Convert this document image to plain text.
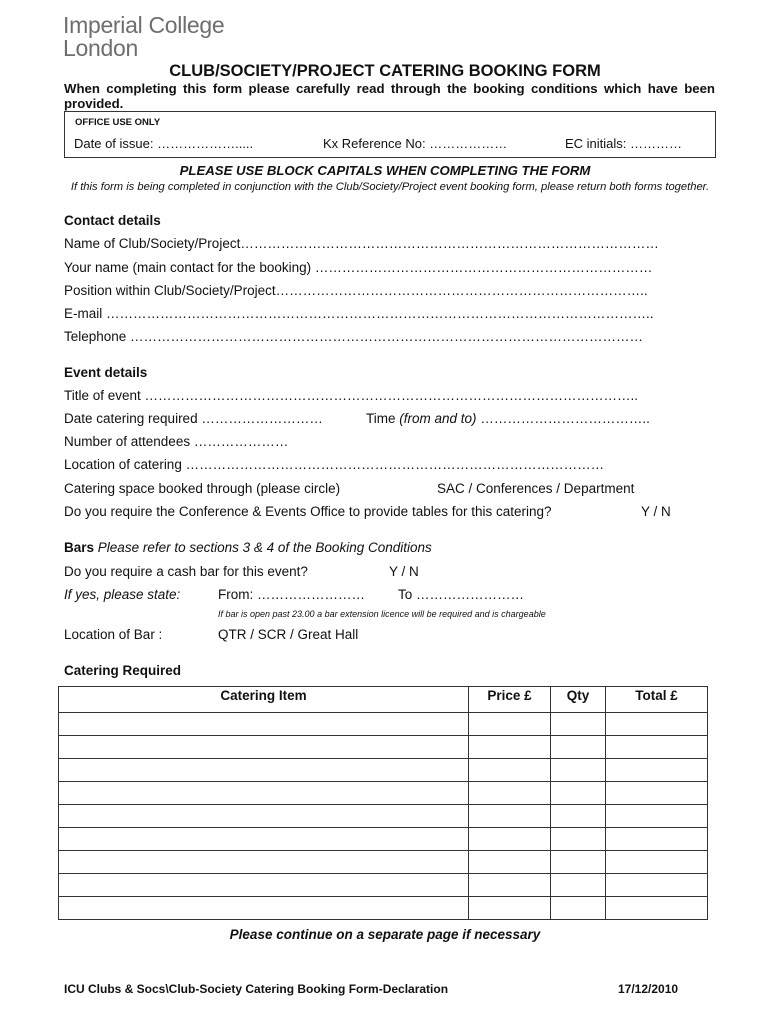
Imperial College
London
CLUB/SOCIETY/PROJECT CATERING BOOKING FORM
When completing this form please carefully read through the booking conditions which have been provided.
OFFICE USE ONLY
Date of issue: ……………….....	Kx Reference No: ………………	EC initials: …………
PLEASE USE BLOCK CAPITALS WHEN COMPLETING THE FORM
If this form is being completed in conjunction with the Club/Society/Project event booking form, please return both forms together.
Contact details
Name of Club/Society/Project…………………………………………………………………………………
Your name (main contact for the booking) …………………………………………………………………
Position within Club/Society/Project………………………………………………………………………..
E-mail …………………………………………………………………………………………………………..
Telephone ……………………………………………………………………………………………………
Event details
Title of event ………………………………………………………………………………………………..
Date catering required ………………………	Time (from and to) ………………………………..
Number of attendees …………………
Location of catering …………………………………………………………………………………
Catering space booked through (please circle)	SAC / Conferences / Department
Do you require the Conference & Events Office to provide tables for this catering?	Y / N
Bars Please refer to sections 3 & 4 of the Booking Conditions
Do you require a cash bar for this event?	Y / N
If yes, please state:	From: …………………… To ……………………
If bar is open past 23.00 a bar extension licence will be required and is chargeable
Location of Bar :	QTR / SCR / Great Hall
Catering Required
Catering Item	Price £	Qty	Total £

Please continue on a separate page if necessary
ICU Clubs & Socs\Club-Society Catering Booking Form-Declaration	17/12/2010
